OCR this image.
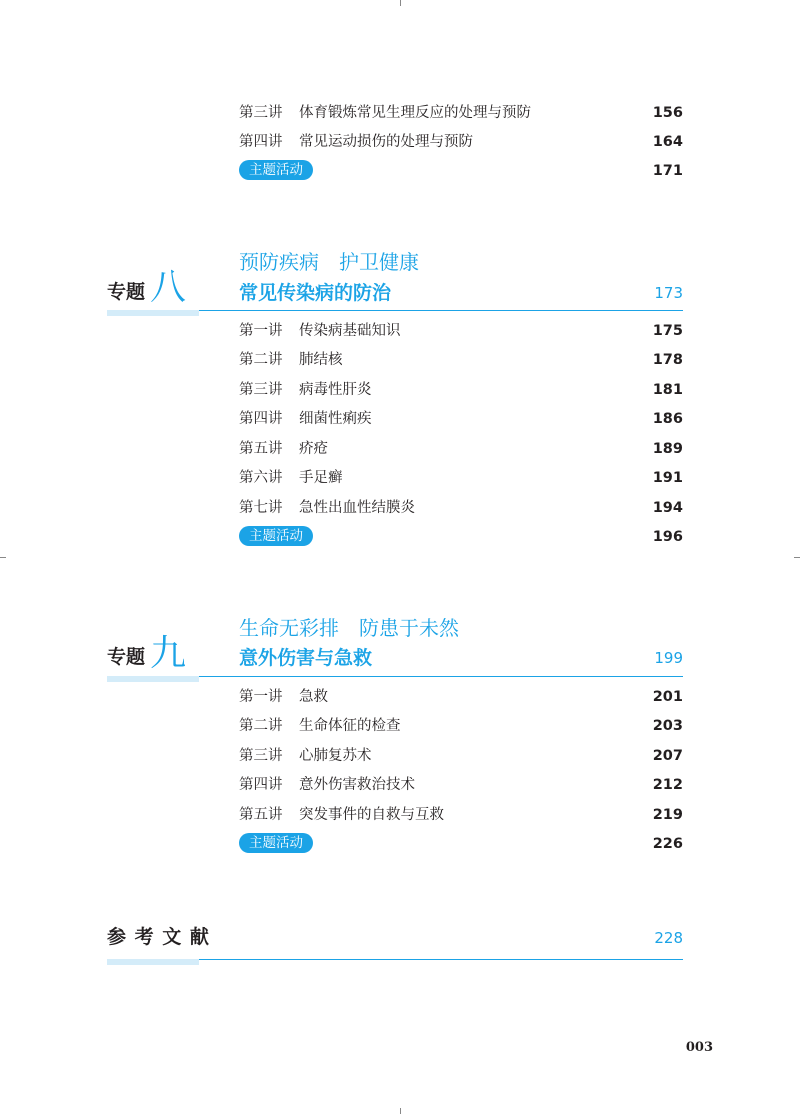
第三讲 体育锻炼常见生理反应的处理与预防	156
第四讲 常见运动损伤的处理与预防	164
主题活动	171
预防疾病　护卫健康
专题 八	常见传染病的防治	173
第一讲 传染病基础知识	175
第二讲 肺结核	178
第三讲 病毒性肝炎	181
第四讲 细菌性痢疾	186
第五讲 疥疮	189
第六讲 手足癣	191
第七讲 急性出血性结膜炎	194
主题活动	196
生命无彩排　防患于未然
专题 九	意外伤害与急救	199
第一讲 急救	201
第二讲 生命体征的检查	203
第三讲 心肺复苏术	207
第四讲 意外伤害救治技术	212
第五讲 突发事件的自救与互救	219
主题活动	226
参 考 文 献	228
003
